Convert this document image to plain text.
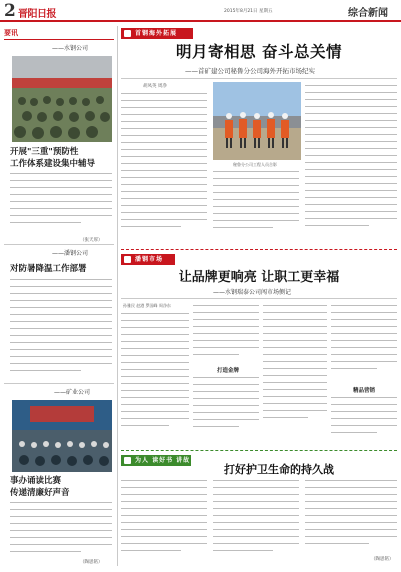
2 晋阳日报	2015年8月21日 星期五	综合新闻
要讯
——水钢公司
开展"三重"预防性
工作体系建设集中辅导
（张天厚）
——潘钢公司
对防暑降温工作部署
——矿业公司
事办诵读比赛
传递清廉好声音
（陶思铭）
首钢海外拓展
明月寄相思 奋斗总关情
——首矿建公司秘鲁分公司海外开拓市场纪实
胡凤英 周净
秘鲁分公司工程人员合影
潘钢市场
让品牌更响亮 让职工更幸福
——水钢瑞泰公司闯市场侧记
孙雅民 赵港 罗国峰 周净东
打造金牌
精品营销
为人 读好书 讲故事	打好护卫生命的持久战
（陶思铭）
